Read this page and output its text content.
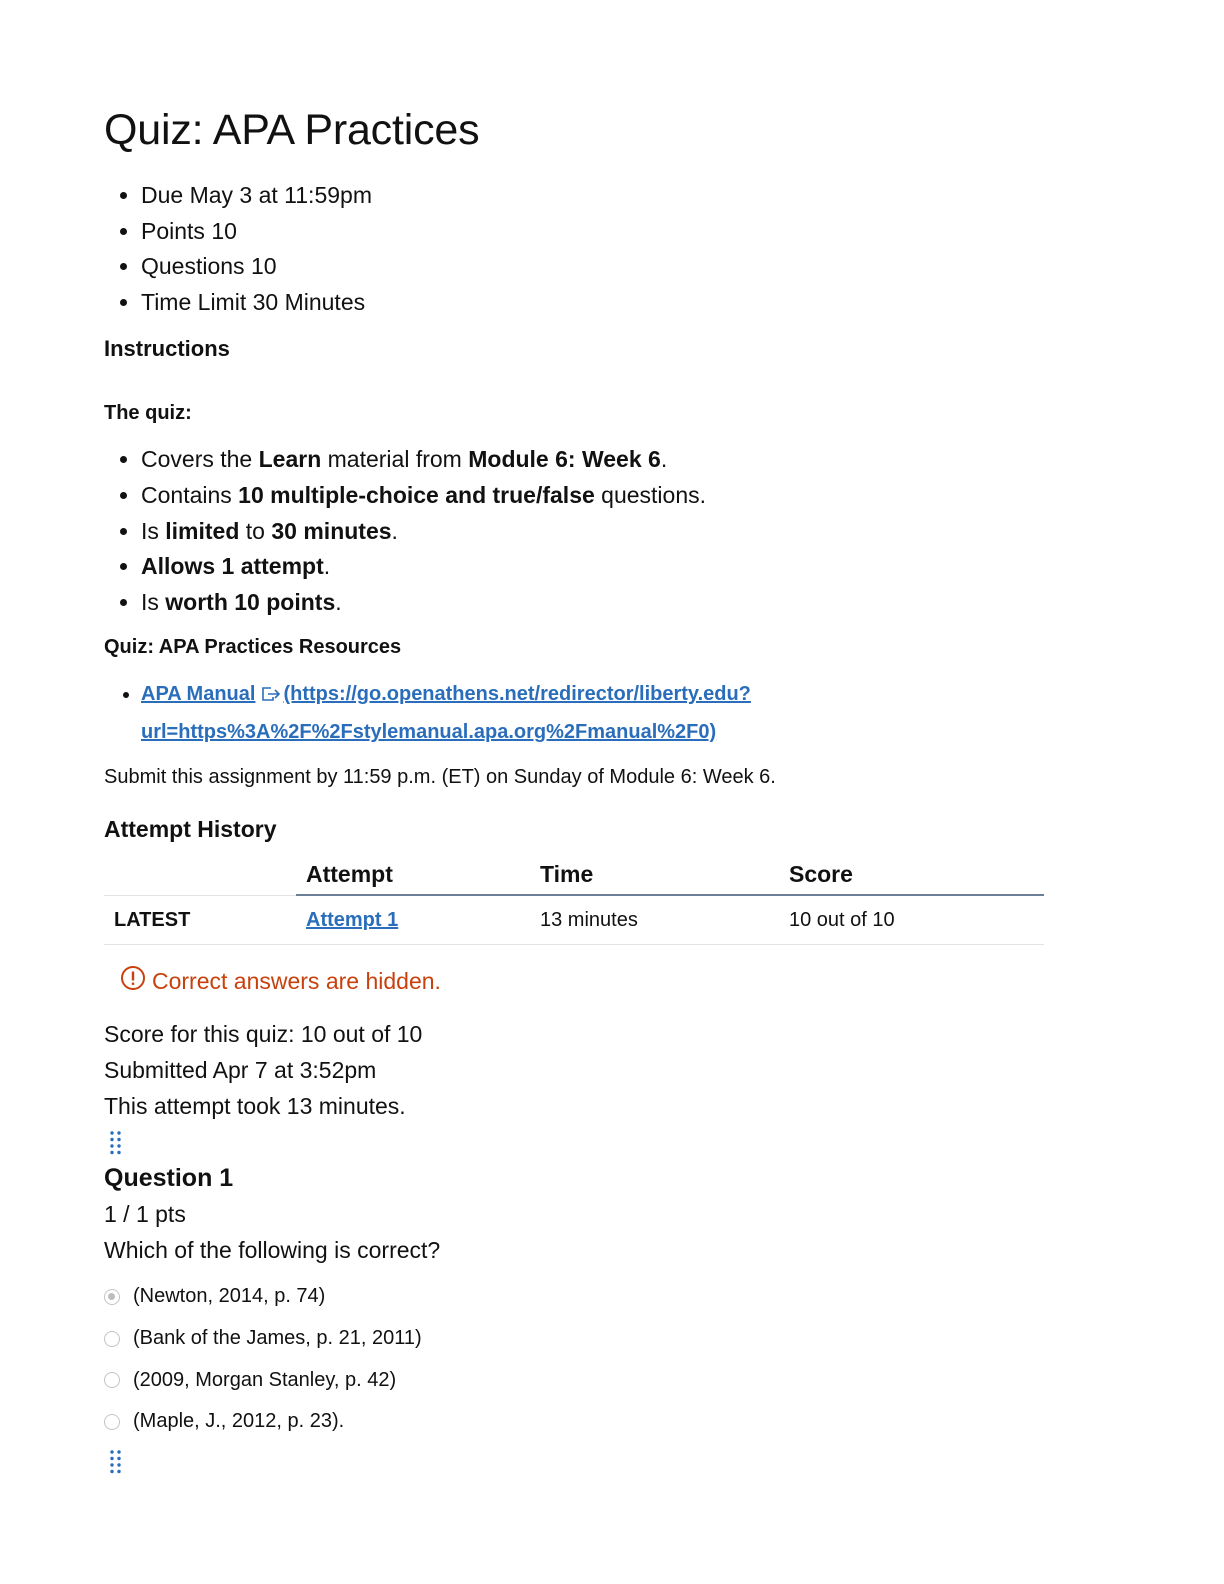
Quiz: APA Practices
• Due May 3 at 11:59pm
• Points 10
• Questions 10
• Time Limit 30 Minutes
Instructions
The quiz:
• Covers the Learn material from Module 6: Week 6.
• Contains 10 multiple-choice and true/false questions.
• Is limited to 30 minutes.
• Allows 1 attempt.
• Is worth 10 points.
Quiz: APA Practices Resources
• APA Manual (https://go.openathens.net/redirector/liberty.edu?
url=https%3A%2F%2Fstylemanual.apa.org%2Fmanual%2F0)
Submit this assignment by 11:59 p.m. (ET) on Sunday of Module 6: Week 6.
Attempt History
	Attempt	Time	Score
LATEST	Attempt 1	13 minutes	10 out of 10
Correct answers are hidden.
Score for this quiz: 10 out of 10
Submitted Apr 7 at 3:52pm
This attempt took 13 minutes.
Question 1
1 / 1 pts
Which of the following is correct?
(Newton, 2014, p. 74)
(Bank of the James, p. 21, 2011)
(2009, Morgan Stanley, p. 42)
(Maple, J., 2012, p. 23).
